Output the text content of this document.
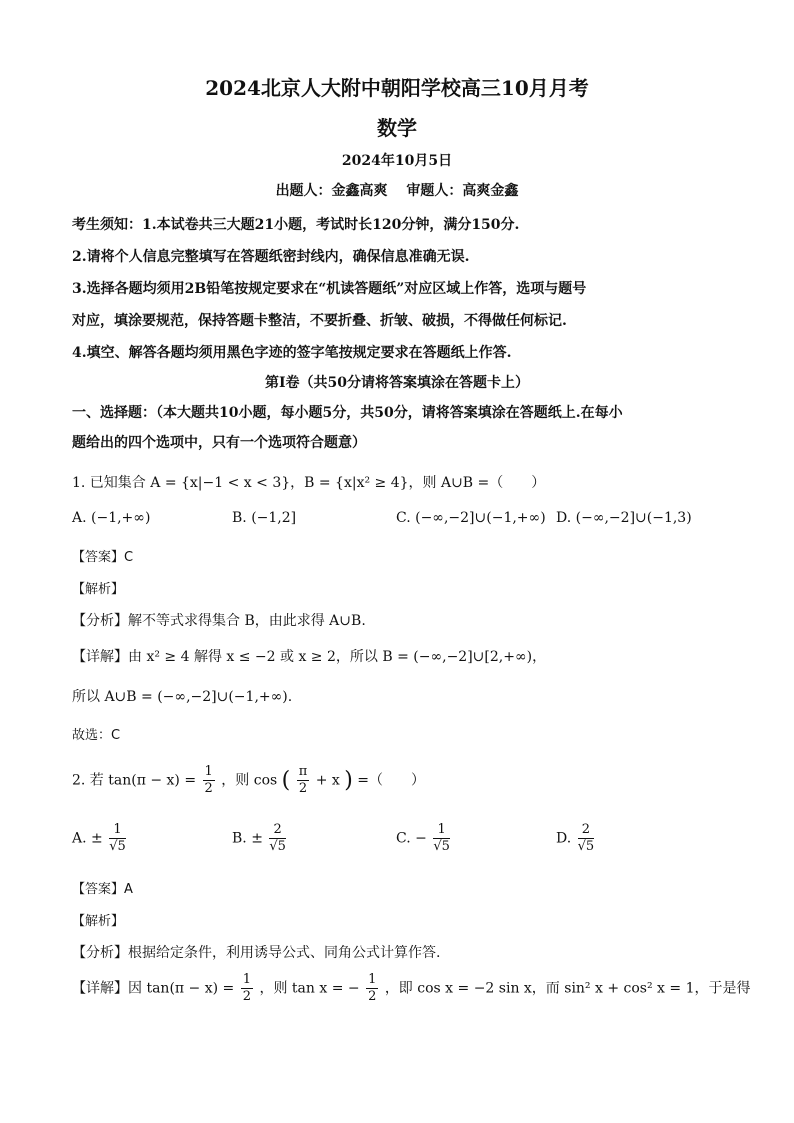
2024北京人大附中朝阳学校高三10月月考
数学
2024年10月5日
出题人：金鑫高爽　 审题人：高爽金鑫
考生须知：1.本试卷共三大题21小题，考试时长120分钟，满分150分.
2.请将个人信息完整填写在答题纸密封线内，确保信息准确无误.
3.选择各题均须用2B铅笔按规定要求在“机读答题纸”对应区域上作答，选项与题号
对应，填涂要规范，保持答题卡整洁，不要折叠、折皱、破损，不得做任何标记.
4.填空、解答各题均须用黑色字迹的签字笔按规定要求在答题纸上作答.
第Ⅰ卷（共50分请将答案填涂在答题卡上）
一、选择题：（本大题共10小题，每小题5分，共50分，请将答案填涂在答题纸上.在每小
题给出的四个选项中，只有一个选项符合题意）
1. 已知集合 A = {x|−1 < x < 3}，B = {x|x² ≥ 4}，则 A∪B =（　　）
A. (−1,+∞)	B. (−1,2]	C. (−∞,−2]∪(−1,+∞) D. (−∞,−2]∪(−1,3)
【答案】C
【解析】
【分析】解不等式求得集合 B，由此求得 A∪B.
【详解】由 x² ≥ 4 解得 x ≤ −2 或 x ≥ 2，所以 B = (−∞,−2]∪[2,+∞)，
所以 A∪B = (−∞,−2]∪(−1,+∞).
故选：C
2. 若 $\tan(\pi - x) = \frac{1}{2}$ ，则 cos ( $\frac{\pi}{2} + x$ ) =（　　）
A. ± $\frac{1}{√5}$	B. ± $\frac{2}{√5}$	C. − $\frac{1}{√5}$	D. $\frac{2}{√5}$
【答案】A
【解析】
【分析】根据给定条件，利用诱导公式、同角公式计算作答.
【详解】因 $\tan(\pi - x) = \frac{1}{2}$ ，则 tan x = − $\frac{1}{2}$ ，即 cos x = −2 sin x，而 sin² x + cos² x = 1，于是得
